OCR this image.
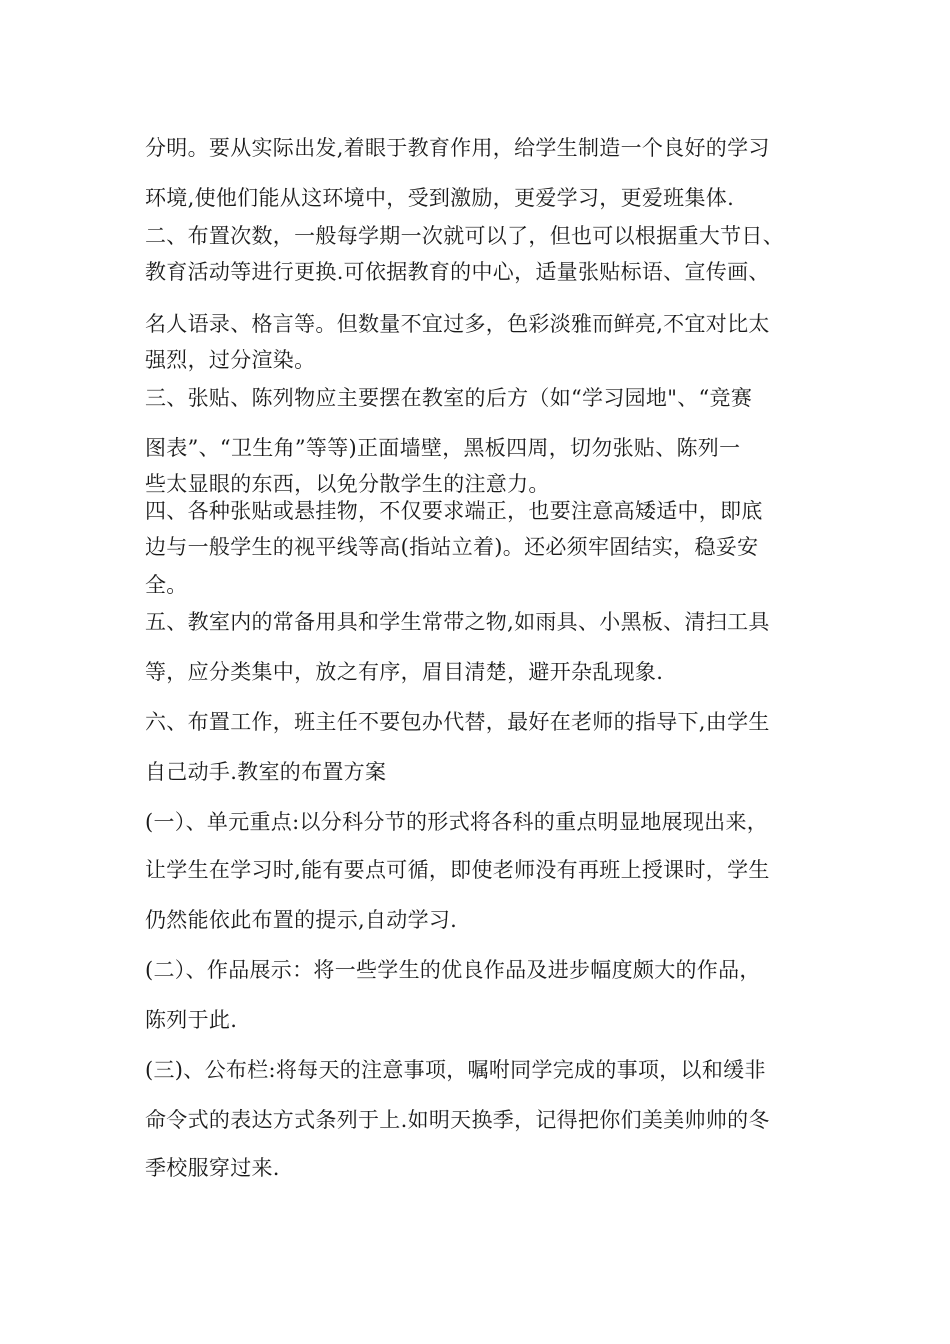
分明。要从实际出发,着眼于教育作用，给学生制造一个良好的学习
环境,使他们能从这环境中，受到激励，更爱学习，更爱班集体.
二、布置次数，一般每学期一次就可以了，但也可以根据重大节日、
教育活动等进行更换.可依据教育的中心，适量张贴标语、宣传画、
名人语录、格言等。但数量不宜过多，色彩淡雅而鲜亮,不宜对比太
强烈，过分渲染。
三、张贴、陈列物应主要摆在教室的后方（如“学习园地"、“竞赛
图表”、“卫生角”等等)正面墙壁，黑板四周，切勿张贴、陈列一
些太显眼的东西，以免分散学生的注意力。
四、各种张贴或悬挂物，不仅要求端正，也要注意高矮适中，即底
边与一般学生的视平线等高(指站立着)。还必须牢固结实，稳妥安
全。
五、教室内的常备用具和学生常带之物,如雨具、小黑板、清扫工具
等，应分类集中，放之有序，眉目清楚，避开杂乱现象.
六、布置工作，班主任不要包办代替，最好在老师的指导下,由学生
自己动手.教室的布置方案
(一）、单元重点:以分科分节的形式将各科的重点明显地展现出来，
让学生在学习时,能有要点可循，即使老师没有再班上授课时，学生
仍然能依此布置的提示,自动学习.
(二）、作品展示：将一些学生的优良作品及进步幅度颇大的作品，
陈列于此.
(三)、公布栏:将每天的注意事项，嘱咐同学完成的事项，以和缓非
命令式的表达方式条列于上.如明天换季，记得把你们美美帅帅的冬
季校服穿过来.
